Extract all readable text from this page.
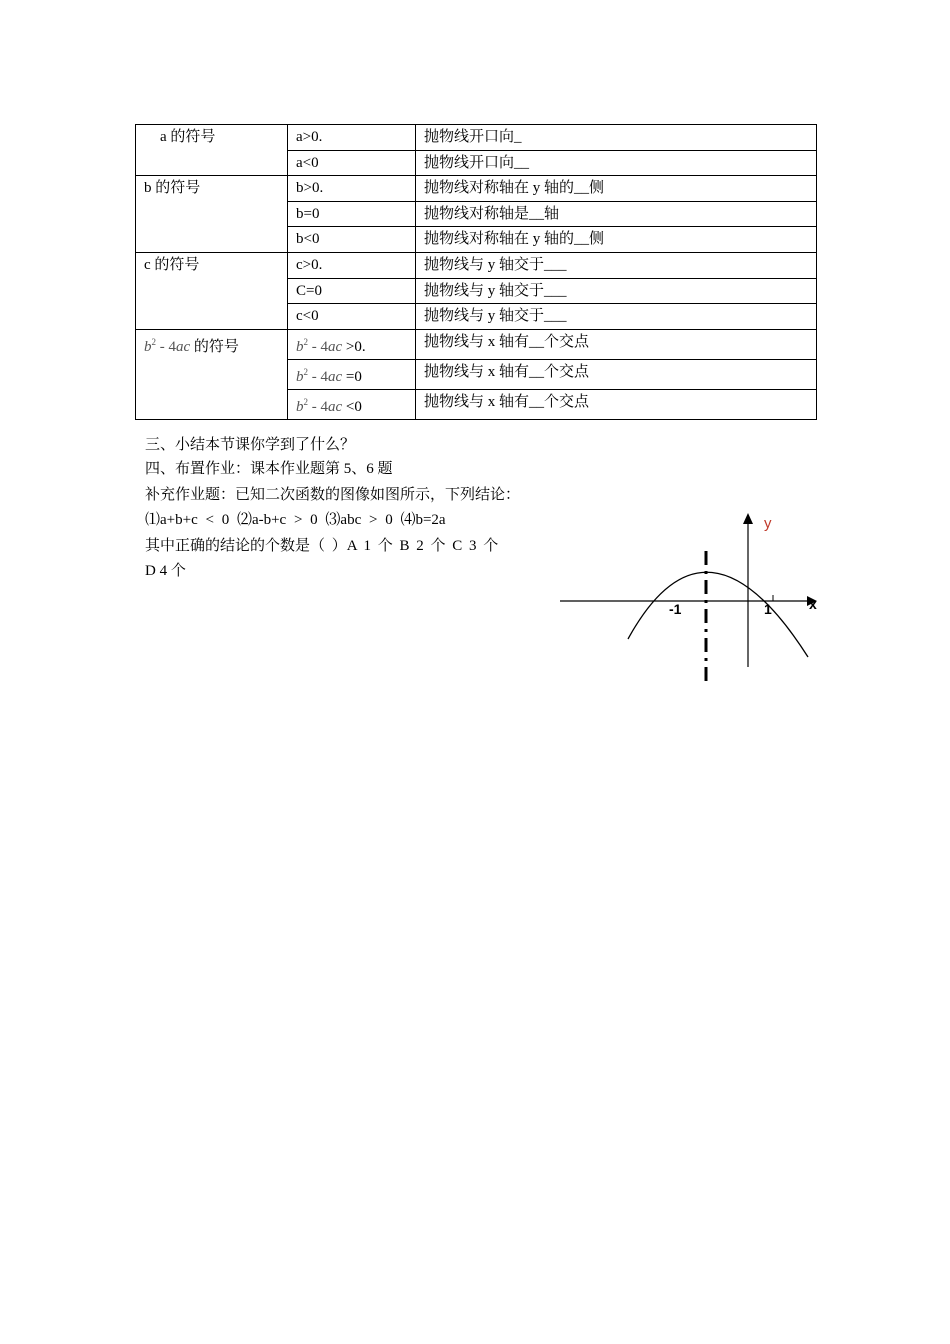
a 的符号	a>0.	抛物线开口向_
	a<0	抛物线开口向__
b 的符号	b>0.	抛物线对称轴在 y 轴的__侧
	b=0	抛物线对称轴是__轴
	b<0	抛物线对称轴在 y 轴的__侧
c 的符号	c>0.	抛物线与 y 轴交于___
	C=0	抛物线与 y 轴交于___
	c<0	抛物线与 y 轴交于___
$b^2 - 4ac$ 的符号	$b^2 - 4ac >0$.	抛物线与 x 轴有__个交点
	$b^2 - 4ac =0$	抛物线与 x 轴有__个交点
	$b^2 - 4ac <0$	抛物线与 x 轴有__个交点
三、小结本节课你学到了什么？
四、布置作业：课本作业题第 5、6 题
补充作业题：已知二次函数的图像如图所示，下列结论：
⑴a+b+c < 0 ⑵a-b+c > 0 ⑶abc > 0 ⑷b=2a
其中正确的结论的个数是（ ）A 1 个 B 2 个 C 3 个
D 4 个
y
x
-1	1
